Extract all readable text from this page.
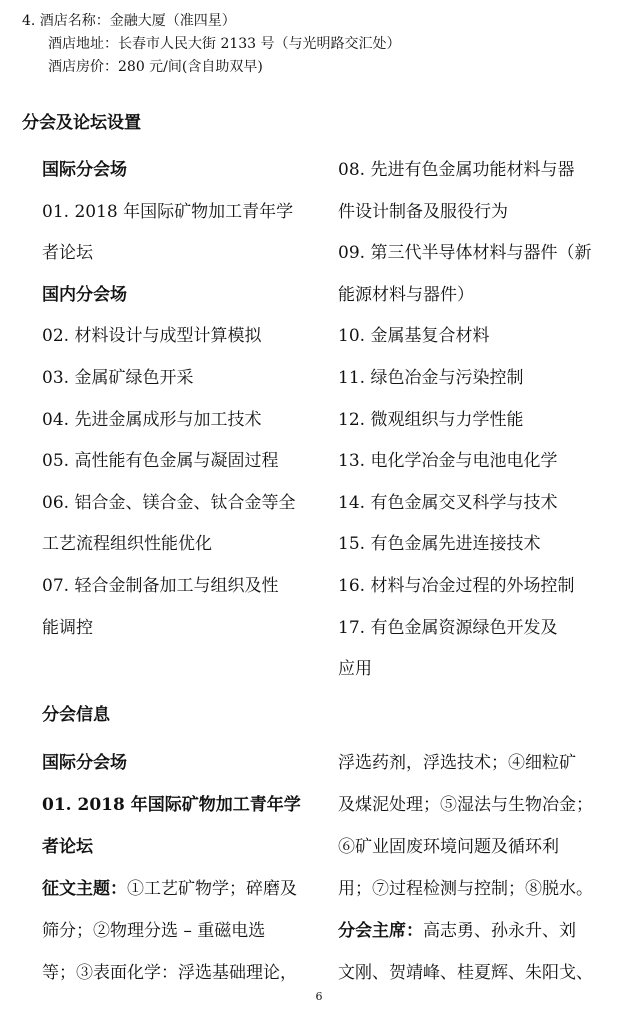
4. 酒店名称：金融大厦（准四星）
酒店地址：长春市人民大街 2133 号（与光明路交汇处）
酒店房价：280 元/间(含自助双早)
分会及论坛设置
国际分会场
01. 2018 年国际矿物加工青年学
者论坛
国内分会场
02. 材料设计与成型计算模拟
03. 金属矿绿色开采
04. 先进金属成形与加工技术
05. 高性能有色金属与凝固过程
06. 铝合金、镁合金、钛合金等全
工艺流程组织性能优化
07. 轻合金制备加工与组织及性
能调控
08. 先进有色金属功能材料与器
件设计制备及服役行为
09. 第三代半导体材料与器件（新
能源材料与器件）
10. 金属基复合材料
11. 绿色冶金与污染控制
12. 微观组织与力学性能
13. 电化学冶金与电池电化学
14. 有色金属交叉科学与技术
15. 有色金属先进连接技术
16. 材料与冶金过程的外场控制
17. 有色金属资源绿色开发及
应用
分会信息
国际分会场
01. 2018 年国际矿物加工青年学
者论坛
征文主题：①工艺矿物学；碎磨及
筛分；②物理分选 – 重磁电选
等；③表面化学：浮选基础理论，
浮选药剂，浮选技术；④细粒矿
及煤泥处理；⑤湿法与生物冶金；
⑥矿业固废环境问题及循环利
用；⑦过程检测与控制；⑧脱水。
分会主席：高志勇、孙永升、刘
文刚、贺靖峰、桂夏辉、朱阳戈、
6
